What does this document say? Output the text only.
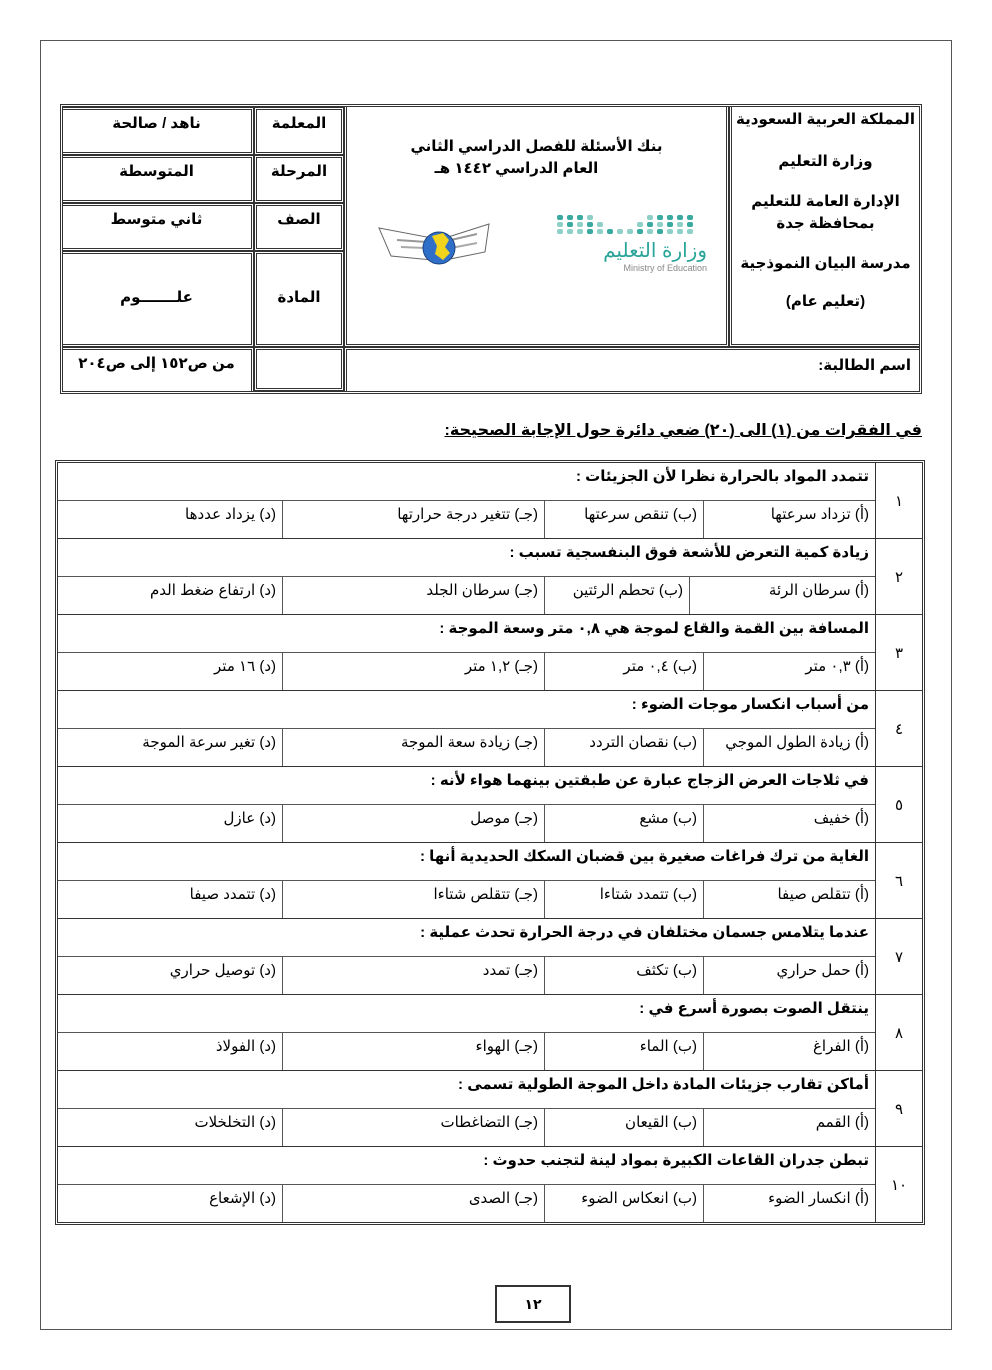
المملكة العربية السعودية

وزارة التعليم

الإدارة العامة للتعليم

بمحافظة جدة

مدرسة البيان النموذجية

(تعليم عام)

بنك الأسئلة للفصل الدراسي الثاني
العام الدراسي ١٤٤٢ هـ
وزارة التعليم
Ministry of Education
المعلمة
المرحلة
الصف
المادة
ناهد / صالحة
المتوسطة
ثاني متوسط
علـــــــوم
من ص١٥٢ إلى ص٢٠٤	اسم الطالبة:
في الفقرات من (١) الى (٢٠) ضعي دائرة حول الإجابة الصحيحة:
١
تتمدد المواد بالحرارة نظرا لأن الجزيئات :
(أ) تزداد سرعتها
(ب) تنقص سرعتها
(جـ) تتغير درجة حرارتها
(د) يزداد عددها
٢
زيادة كمية التعرض للأشعة فوق البنفسجية تسبب :
(أ) سرطان الرئة
(ب) تحطم الرئتين
(جـ) سرطان الجلد
(د) ارتفاع ضغط الدم
٣
المسافة بين القمة والقاع لموجة هي ٠,٨ متر وسعة الموجة :
(أ) ٠,٣ متر
(ب) ٠,٤ متر
(جـ) ١,٢ متر
(د) ١٦ متر
٤
من أسباب انكسار موجات الضوء :
(أ) زيادة الطول الموجي
(ب) نقصان التردد
(جـ) زيادة سعة الموجة
(د) تغير سرعة الموجة
٥
في ثلاجات العرض الزجاج عبارة عن طبقتين بينهما هواء لأنه :
(أ) خفيف
(ب) مشع
(جـ) موصل
(د) عازل
٦
الغاية من ترك فراغات صغيرة بين قضبان السكك الحديدية أنها :
(أ) تتقلص صيفا
(ب) تتمدد شتاءا
(جـ) تتقلص شتاءا
(د) تتمدد صيفا
٧
عندما يتلامس جسمان مختلفان في درجة الحرارة تحدث عملية :
(أ) حمل حراري
(ب) تكثف
(جـ) تمدد
(د) توصيل حراري
٨
ينتقل الصوت بصورة أسرع في :
(أ) الفراغ
(ب) الماء
(جـ) الهواء
(د) الفولاذ
٩
أماكن تقارب جزيئات المادة داخل الموجة الطولية تسمى :
(أ) القمم
(ب) القيعان
(جـ) التضاغطات
(د) التخلخلات
١٠
تبطن جدران القاعات الكبيرة بمواد لينة لتجنب حدوث :
(أ) انكسار الضوء
(ب) انعكاس الضوء
(جـ) الصدى
(د) الإشعاع
١٢
